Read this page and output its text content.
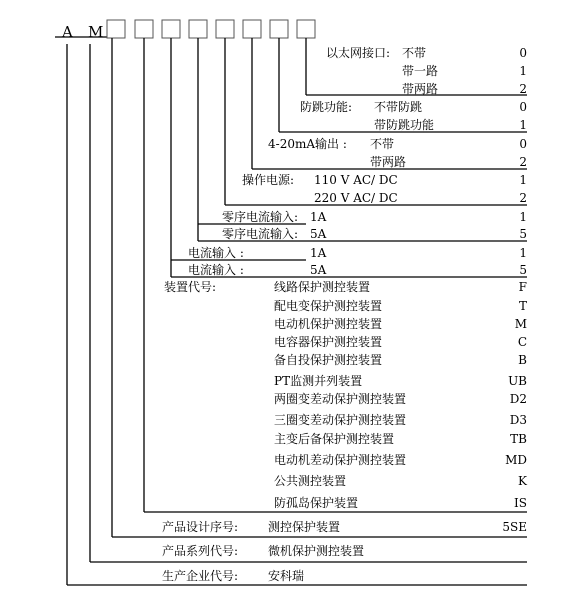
A M
以太网接口: 不带	0
带一路	1
带两路	2
防跳功能: 不带防跳	0
带防跳功能	1
4-20mA输出 : 不带	0
带两路	2
操作电源: 110 V AC/ DC	1
220 V AC/ DC	2
零序电流输入: 1A	1
零序电流输入: 5A	5
电流输入 :	1A	1
电流输入 :	5A	5
装置代号:	线路保护测控装置	F
配电变保护测控装置	T
电动机保护测控装置	M
电容器保护测控装置	C
备自投保护测控装置	B
PT监测并列装置	UB
两圈变差动保护测控装置	D2
三圈变差动保护测控装置	D3
主变后备保护测控装置	TB
电动机差动保护测控装置	MD
公共测控装置	K
防孤岛保护装置	IS
产品设计序号: 测控保护装置	5SE
产品系列代号: 微机保护测控装置
生产企业代号: 安科瑞
